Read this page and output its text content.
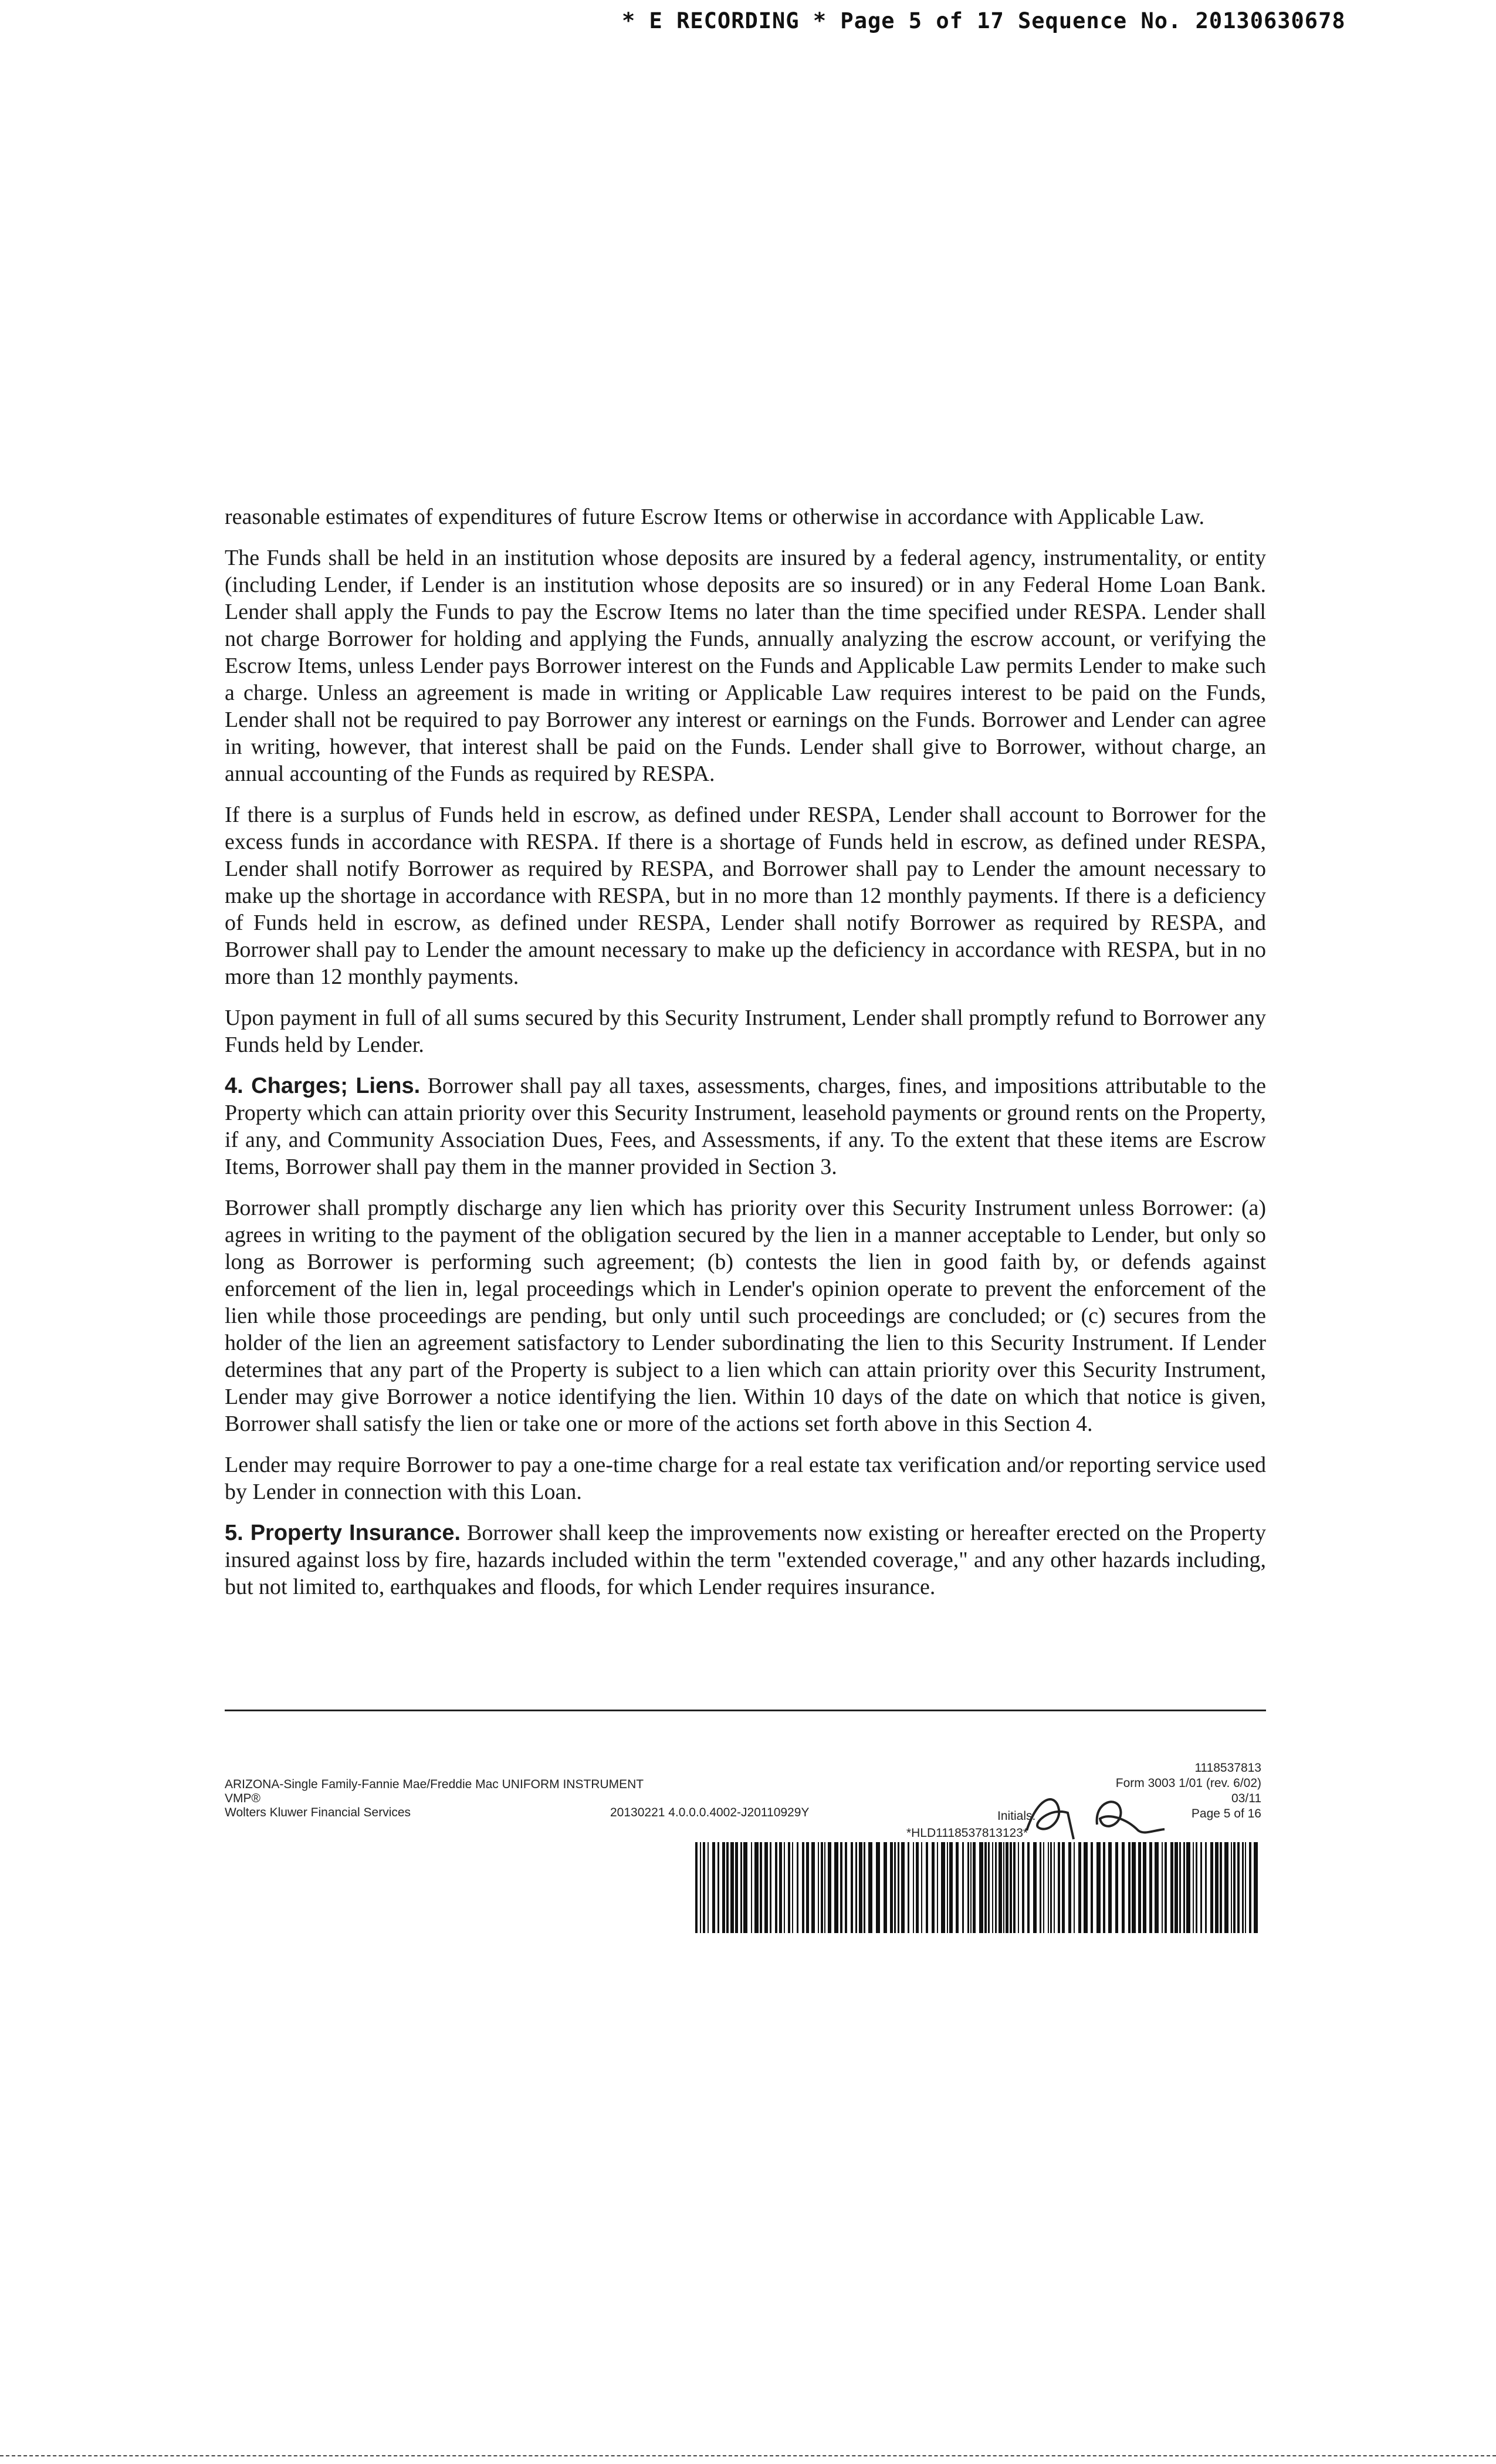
* E RECORDING * Page 5 of 17 Sequence No. 20130630678

reasonable estimates of expenditures of future Escrow Items or otherwise in accordance with Applicable Law.

The Funds shall be held in an institution whose deposits are insured by a federal agency, instrumentality, or entity (including Lender, if Lender is an institution whose deposits are so insured) or in any Federal Home Loan Bank. Lender shall apply the Funds to pay the Escrow Items no later than the time specified under RESPA. Lender shall not charge Borrower for holding and applying the Funds, annually analyzing the escrow account, or verifying the Escrow Items, unless Lender pays Borrower interest on the Funds and Applicable Law permits Lender to make such a charge. Unless an agreement is made in writing or Applicable Law requires interest to be paid on the Funds, Lender shall not be required to pay Borrower any interest or earnings on the Funds. Borrower and Lender can agree in writing, however, that interest shall be paid on the Funds. Lender shall give to Borrower, without charge, an annual accounting of the Funds as required by RESPA.

If there is a surplus of Funds held in escrow, as defined under RESPA, Lender shall account to Borrower for the excess funds in accordance with RESPA. If there is a shortage of Funds held in escrow, as defined under RESPA, Lender shall notify Borrower as required by RESPA, and Borrower shall pay to Lender the amount necessary to make up the shortage in accordance with RESPA, but in no more than 12 monthly payments. If there is a deficiency of Funds held in escrow, as defined under RESPA, Lender shall notify Borrower as required by RESPA, and Borrower shall pay to Lender the amount necessary to make up the deficiency in accordance with RESPA, but in no more than 12 monthly payments.

Upon payment in full of all sums secured by this Security Instrument, Lender shall promptly refund to Borrower any Funds held by Lender.

4. Charges; Liens. Borrower shall pay all taxes, assessments, charges, fines, and impositions attributable to the Property which can attain priority over this Security Instrument, leasehold payments or ground rents on the Property, if any, and Community Association Dues, Fees, and Assessments, if any. To the extent that these items are Escrow Items, Borrower shall pay them in the manner provided in Section 3.

Borrower shall promptly discharge any lien which has priority over this Security Instrument unless Borrower: (a) agrees in writing to the payment of the obligation secured by the lien in a manner acceptable to Lender, but only so long as Borrower is performing such agreement; (b) contests the lien in good faith by, or defends against enforcement of the lien in, legal proceedings which in Lender's opinion operate to prevent the enforcement of the lien while those proceedings are pending, but only until such proceedings are concluded; or (c) secures from the holder of the lien an agreement satisfactory to Lender subordinating the lien to this Security Instrument. If Lender determines that any part of the Property is subject to a lien which can attain priority over this Security Instrument, Lender may give Borrower a notice identifying the lien. Within 10 days of the date on which that notice is given, Borrower shall satisfy the lien or take one or more of the actions set forth above in this Section 4.

Lender may require Borrower to pay a one-time charge for a real estate tax verification and/or reporting service used by Lender in connection with this Loan.

5. Property Insurance. Borrower shall keep the improvements now existing or hereafter erected on the Property insured against loss by fire, hazards included within the term "extended coverage," and any other hazards including, but not limited to, earthquakes and floods, for which Lender requires insurance.

ARIZONA-Single Family-Fannie Mae/Freddie Mac UNIFORM INSTRUMENT
VMP®
Wolters Kluwer Financial Services	20130221 4.0.0.0.4002-J20110929Y	Initials:
1118537813
Form 3003 1/01 (rev. 6/02)
03/11
Page 5 of 16
*HLD1118537813123*
